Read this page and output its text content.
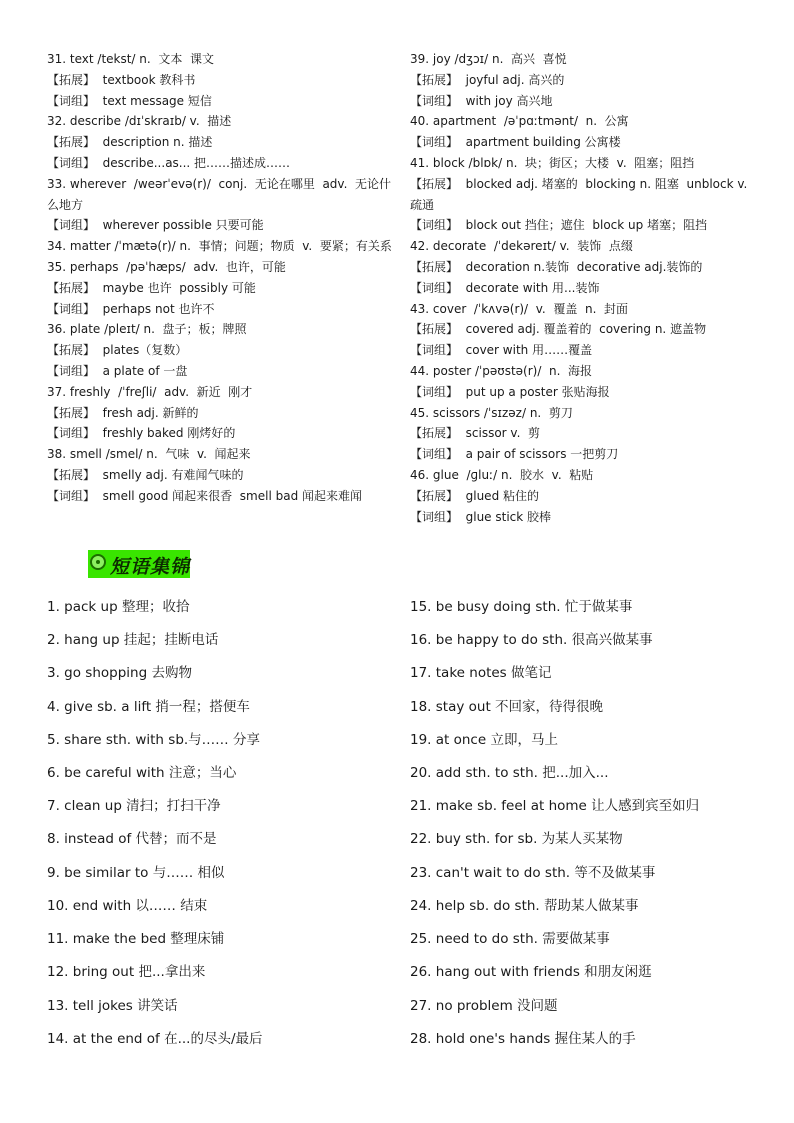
31. text /tekst/ n.  文本  课文
【拓展】  textbook 教科书
【词组】  text message 短信
32. describe /dɪˈskraɪb/ v.  描述
【拓展】  description n. 描述
【词组】  describe...as... 把……描述成……
33. wherever  /weərˈevə(r)/  conj.  无论在哪里  adv.  无论什么地方
【词组】  wherever possible 只要可能
34. matter /ˈmætə(r)/ n.  事情；问题；物质  v.  要紧；有关系
35. perhaps  /pəˈhæps/  adv.  也许，可能
【拓展】  maybe 也许  possibly 可能
【词组】  perhaps not 也许不
36. plate /pleɪt/ n.  盘子；板；牌照
【拓展】  plates（复数）
【词组】  a plate of 一盘
37. freshly  /ˈfreʃli/  adv.  新近  刚才
【拓展】  fresh adj. 新鲜的
【词组】  freshly baked 刚烤好的
38. smell /smel/ n.  气味  v.  闻起来
【拓展】  smelly adj. 有难闻气味的
【词组】  smell good 闻起来很香  smell bad 闻起来难闻
39. joy /dʒɔɪ/ n.  高兴  喜悦
【拓展】  joyful adj. 高兴的
【词组】  with joy 高兴地
40. apartment  /əˈpɑːtmənt/  n.  公寓
【词组】  apartment building 公寓楼
41. block /blɒk/ n.  块；街区；大楼  v.  阻塞；阻挡
【拓展】  blocked adj. 堵塞的  blocking n. 阻塞  unblock v.  疏通
【词组】  block out 挡住；遮住  block up 堵塞；阻挡
42. decorate  /ˈdekəreɪt/ v.  装饰  点缀
【拓展】  decoration n.装饰  decorative adj.装饰的
【词组】  decorate with 用...装饰
43. cover  /ˈkʌvə(r)/  v.  覆盖  n.  封面
【拓展】  covered adj. 覆盖着的  covering n. 遮盖物
【词组】  cover with 用……覆盖
44. poster /ˈpəʊstə(r)/  n.  海报
【词组】  put up a poster 张贴海报
45. scissors /ˈsɪzəz/ n.  剪刀
【拓展】  scissor v.  剪
【词组】  a pair of scissors 一把剪刀
46. glue  /ɡluː/ n.  胶水  v.  粘贴
【拓展】  glued 粘住的
【词组】  glue stick 胶棒
短语集锦
1. pack up 整理；收拾
2. hang up 挂起；挂断电话
3. go shopping 去购物
4. give sb. a lift 捎一程；搭便车
5. share sth. with sb.与…… 分享
6. be careful with 注意；当心
7. clean up 清扫；打扫干净
8. instead of 代替；而不是
9. be similar to 与…… 相似
10. end with 以…… 结束
11. make the bed 整理床铺
12. bring out 把...拿出来
13. tell jokes 讲笑话
14. at the end of 在...的尽头/最后
15. be busy doing sth. 忙于做某事
16. be happy to do sth. 很高兴做某事
17. take notes 做笔记
18. stay out 不回家，待得很晚
19. at once 立即，马上
20. add sth. to sth. 把...加入...
21. make sb. feel at home 让人感到宾至如归
22. buy sth. for sb. 为某人买某物
23. can't wait to do sth. 等不及做某事
24. help sb. do sth. 帮助某人做某事
25. need to do sth. 需要做某事
26. hang out with friends 和朋友闲逛
27. no problem 没问题
28. hold one's hands 握住某人的手
